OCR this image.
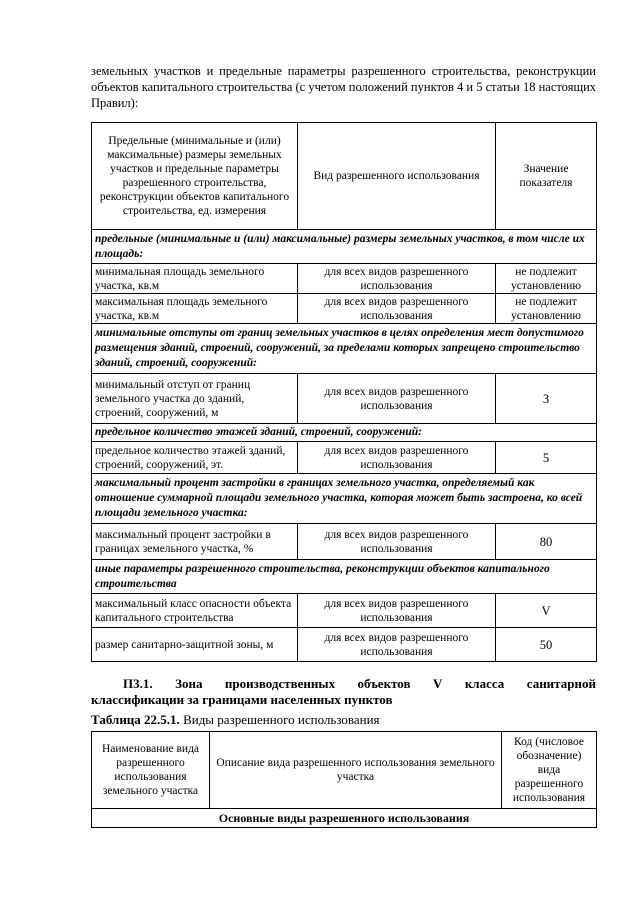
земельных участков и предельные параметры разрешенного строительства, реконструкции объектов капитального строительства (с учетом положений пунктов 4 и 5 статьи 18 настоящих Правил):
Предельные (минимальные и (или) максимальные) размеры земельных участков и предельные параметры разрешенного строительства, реконструкции объектов капитального строительства, ед. измерения	Вид разрешенного использования	Значение показателя
предельные (минимальные и (или) максимальные) размеры земельных участков, в том числе их площадь:		
минимальная площадь земельного участка, кв.м	для всех видов разрешенного использования	не подлежит установлению
максимальная площадь земельного участка, кв.м	для всех видов разрешенного использования	не подлежит установлению
минимальные отступы от границ земельных участков в целях определения мест допустимого размещения зданий, строений, сооружений, за пределами которых запрещено строительство зданий, строений, сооружений:		
минимальный отступ от границ земельного участка до зданий, строений, сооружений, м	для всех видов разрешенного использования	3
предельное количество этажей зданий, строений, сооружений:		
предельное количество этажей зданий, строений, сооружений, эт.	для всех видов разрешенного использования	5
максимальный процент застройки в границах земельного участка, определяемый как отношение суммарной площади земельного участка, которая может быть застроена, ко всей площади земельного участка:		
максимальный процент застройки в границах земельного участка, %	для всех видов разрешенного использования	80
иные параметры разрешенного строительства, реконструкции объектов капитального строительства		
максимальный класс опасности объекта капитального строительства	для всех видов разрешенного использования	V
размер санитарно-защитной зоны, м	для всех видов разрешенного использования	50
П3.1. Зона производственных объектов V класса санитарной
классификации за границами населенных пунктов
Таблица 22.5.1. Виды разрешенного использования
Наименование вида разрешенного использования земельного участка	Описание вида разрешенного использования земельного участка	Код (числовое обозначение) вида разрешенного использования
Основные виды разрешенного использования
